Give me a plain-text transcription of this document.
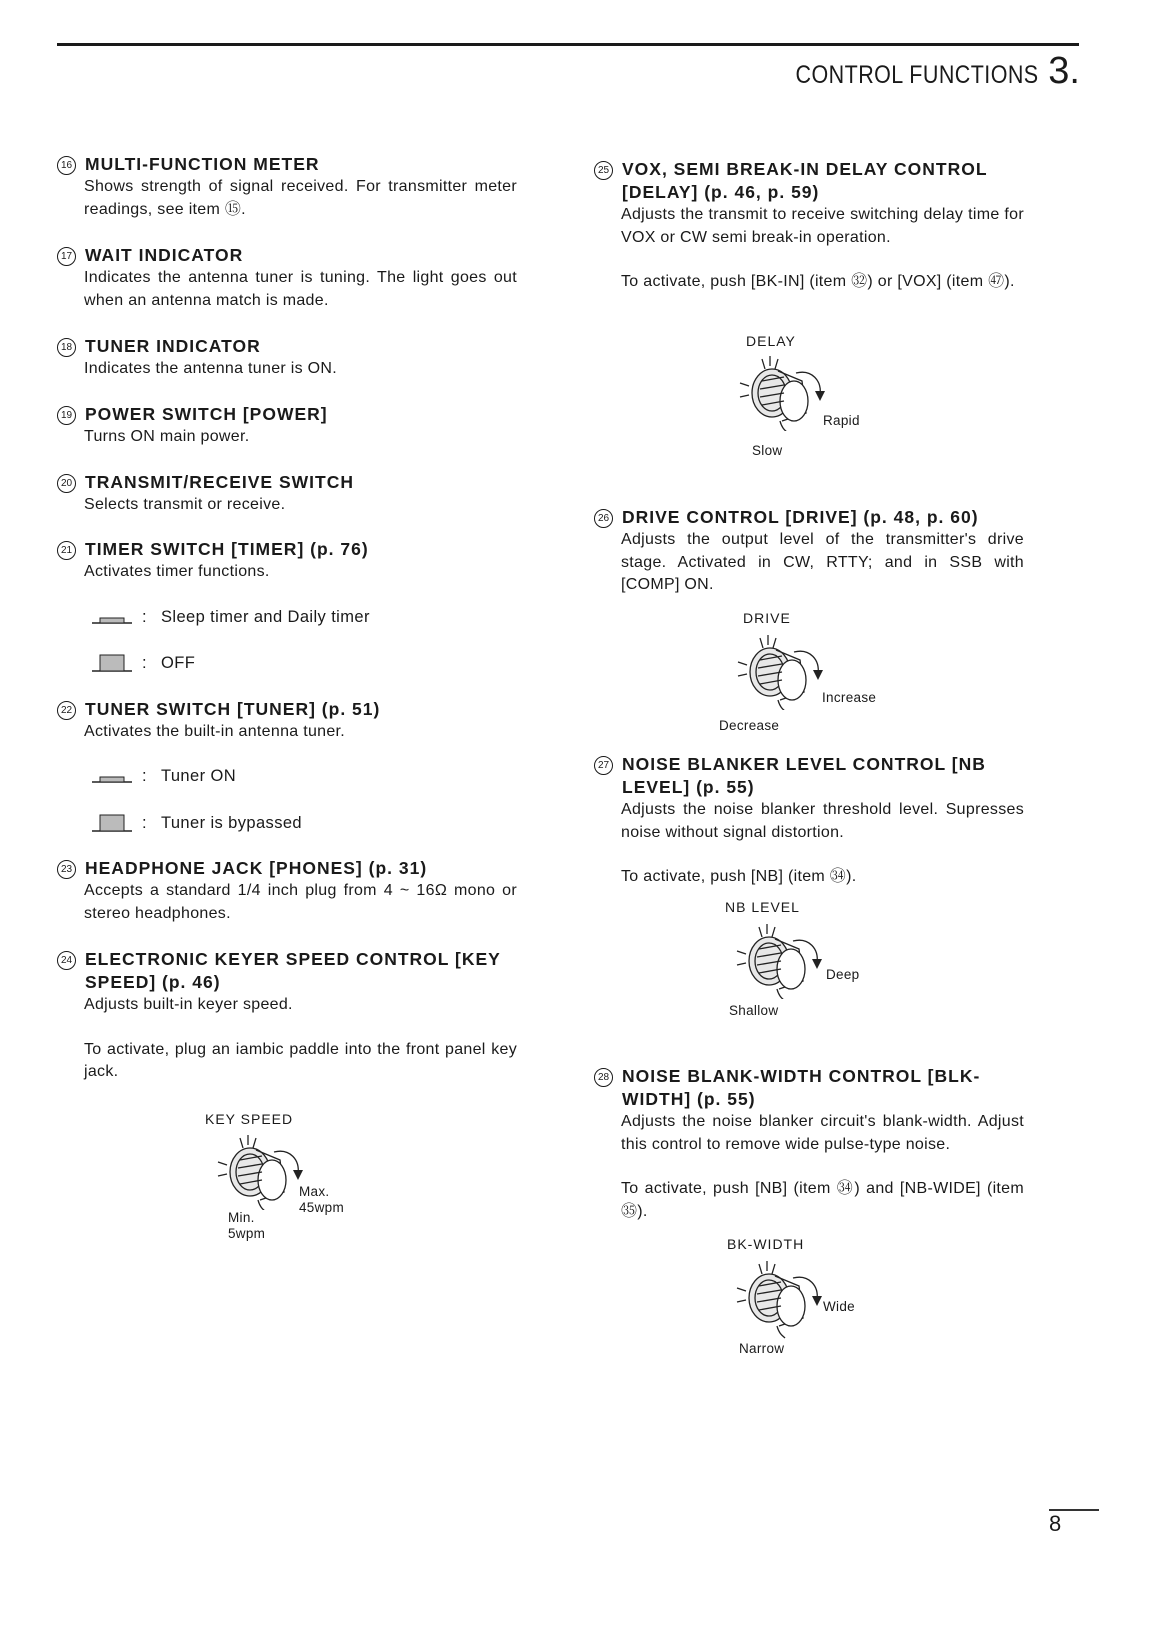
CONTROL FUNCTIONS 3.
16 MULTI-FUNCTION METER

Shows strength of signal received. For transmitter meter readings, see item ⑮.

17 WAIT INDICATOR

Indicates the antenna tuner is tuning. The light goes out when an antenna match is made.

18 TUNER INDICATOR

Indicates the antenna tuner is ON.

19 POWER SWITCH [POWER]

Turns ON main power.

20 TRANSMIT/RECEIVE SWITCH

Selects transmit or receive.

21 TIMER SWITCH [TIMER] (p. 76)

Activates timer functions.

: Sleep timer and Daily timer
: OFF
22 TUNER SWITCH [TUNER] (p. 51)

Activates the built-in antenna tuner.

: Tuner ON
: Tuner is bypassed
23 HEADPHONE JACK [PHONES] (p. 31)

Accepts a standard 1/4 inch plug from 4 ~ 16Ω mono or stereo headphones.

24 ELECTRONIC KEYER SPEED CONTROL [KEY SPEED] (p. 46)

Adjusts built-in keyer speed.

To activate, plug an iambic paddle into the front panel key jack.

KEY SPEED
Max.
45wpm
Min.
5wpm
25 VOX, SEMI BREAK-IN DELAY CONTROL [DELAY] (p. 46, p. 59)

Adjusts the transmit to receive switching delay time for VOX or CW semi break-in operation.

To activate, push [BK-IN] (item ㉜) or [VOX] (item ㊼).

DELAY
Rapid
Slow
26 DRIVE CONTROL [DRIVE] (p. 48, p. 60)

Adjusts the output level of the transmitter's drive stage. Activated in CW, RTTY; and in SSB with [COMP] ON.

DRIVE
Increase
Decrease
27 NOISE BLANKER LEVEL CONTROL [NB LEVEL] (p. 55)

Adjusts the noise blanker threshold level. Supresses noise without signal distortion.

To activate, push [NB] (item ㉞).

NB LEVEL
Deep
Shallow
28 NOISE BLANK-WIDTH CONTROL [BLK-WIDTH] (p. 55)

Adjusts the noise blanker circuit's blank-width. Adjust this control to remove wide pulse-type noise.

To activate, push [NB] (item ㉞) and [NB-WIDE] (item ㉟).

BK-WIDTH
Wide
Narrow
8
